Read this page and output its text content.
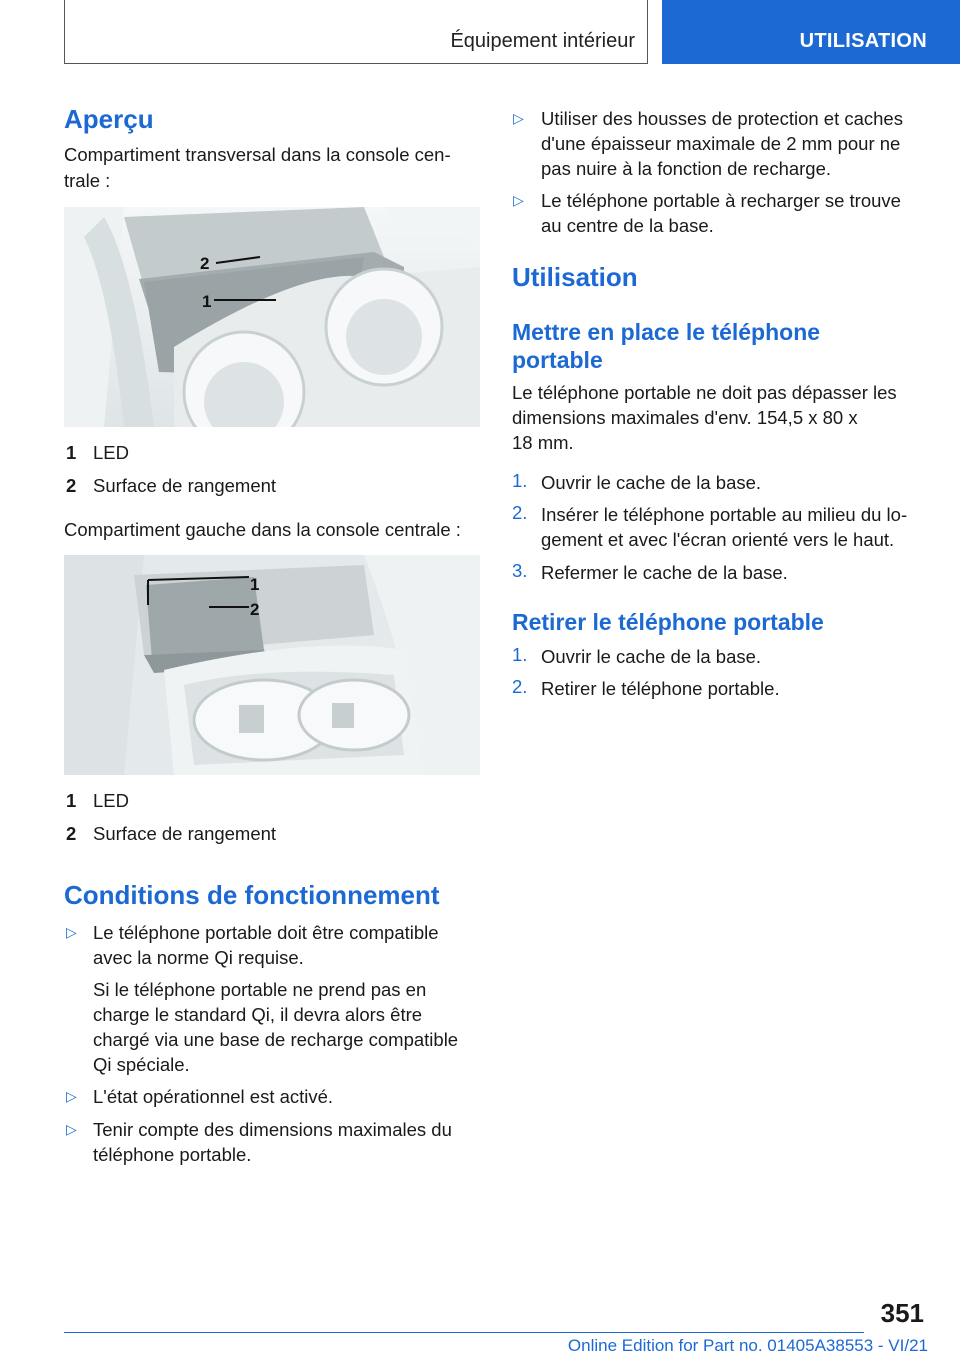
Équipement intérieur	UTILISATION
Aperçu
Compartiment transversal dans la console cen-
trale :
2
1
1 LED
2 Surface de rangement
Compartiment gauche dans la console centrale :
1
2
1 LED
2 Surface de rangement
Conditions de fonctionnement
▷ Le téléphone portable doit être compatible
avec la norme Qi requise.
Si le téléphone portable ne prend pas en
charge le standard Qi, il devra alors être
chargé via une base de recharge compatible
Qi spéciale.
▷ L'état opérationnel est activé.
▷ Tenir compte des dimensions maximales du
téléphone portable.
▷ Utiliser des housses de protection et caches
d'une épaisseur maximale de 2 mm pour ne
pas nuire à la fonction de recharge.
▷ Le téléphone portable à recharger se trouve
au centre de la base.
Utilisation
Mettre en place le téléphone
portable
Le téléphone portable ne doit pas dépasser les
dimensions maximales d'env. 154,5 x 80 x
18 mm.
1. Ouvrir le cache de la base.
2. Insérer le téléphone portable au milieu du lo-
gement et avec l'écran orienté vers le haut.
3. Refermer le cache de la base.
Retirer le téléphone portable
1. Ouvrir le cache de la base.
2. Retirer le téléphone portable.
351
Online Edition for Part no. 01405A38553 - VI/21
